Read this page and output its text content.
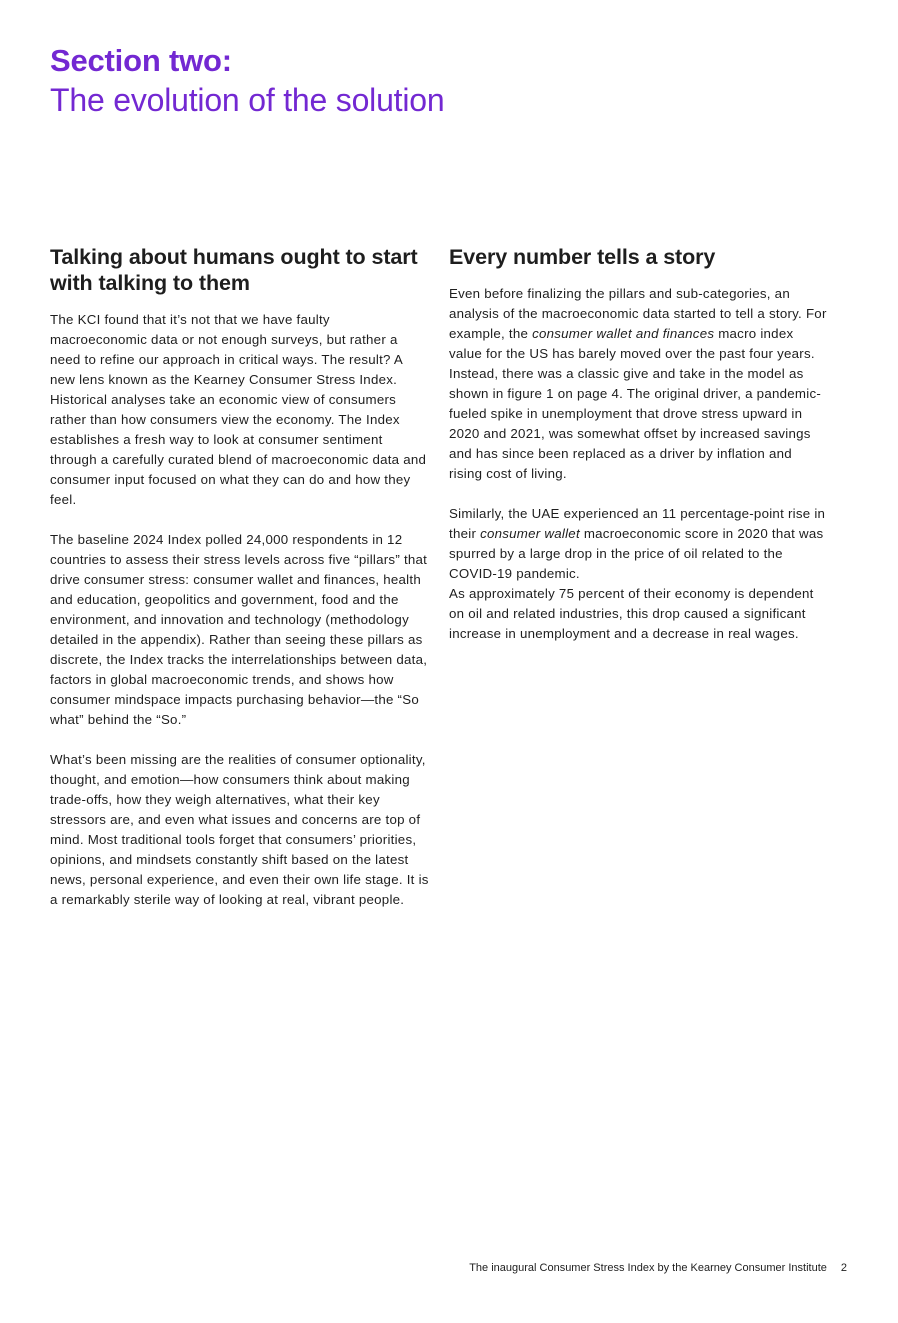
Section two:
The evolution of the solution
Talking about humans ought to start with talking to them

The KCI found that it’s not that we have faulty macroeconomic data or not enough surveys, but rather a need to refine our approach in critical ways. The result? A new lens known as the Kearney Consumer Stress Index. Historical analyses take an economic view of consumers rather than how consumers view the economy. The Index establishes a fresh way to look at consumer sentiment through a carefully curated blend of macroeconomic data and consumer input focused on what they can do and how they feel.

The baseline 2024 Index polled 24,000 respondents in 12 countries to assess their stress levels across five “pillars” that drive consumer stress: consumer wallet and finances, health and education, geopolitics and government, food and the environment, and innovation and technology (methodology detailed in the appendix). Rather than seeing these pillars as discrete, the Index tracks the interrelationships between data, factors in global macroeconomic trends, and shows how consumer mindspace impacts purchasing behavior—the “So what” behind the “So.”

What’s been missing are the realities of consumer optionality, thought, and emotion—how consumers think about making trade-offs, how they weigh alternatives, what their key stressors are, and even what issues and concerns are top of mind. Most traditional tools forget that consumers’ priorities, opinions, and mindsets constantly shift based on the latest news, personal experience, and even their own life stage. It is a remarkably sterile way of looking at real, vibrant people.

Every number tells a story

Even before finalizing the pillars and sub-categories, an analysis of the macroeconomic data started to tell a story. For example, the consumer wallet and finances macro index value for the US has barely moved over the past four years. Instead, there was a classic give and take in the model as shown in figure 1 on page 4. The original driver, a pandemic-fueled spike in unemployment that drove stress upward in 2020 and 2021, was somewhat offset by increased savings and has since been replaced as a driver by inflation and rising cost of living.

Similarly, the UAE experienced an 11 percentage-point rise in their consumer wallet macroeconomic score in 2020 that was spurred by a large drop in the price of oil related to the COVID-19 pandemic.

As approximately 75 percent of their economy is dependent on oil and related industries, this drop caused a significant increase in unemployment and a decrease in real wages.

The inaugural Consumer Stress Index by the Kearney Consumer Institute 2
